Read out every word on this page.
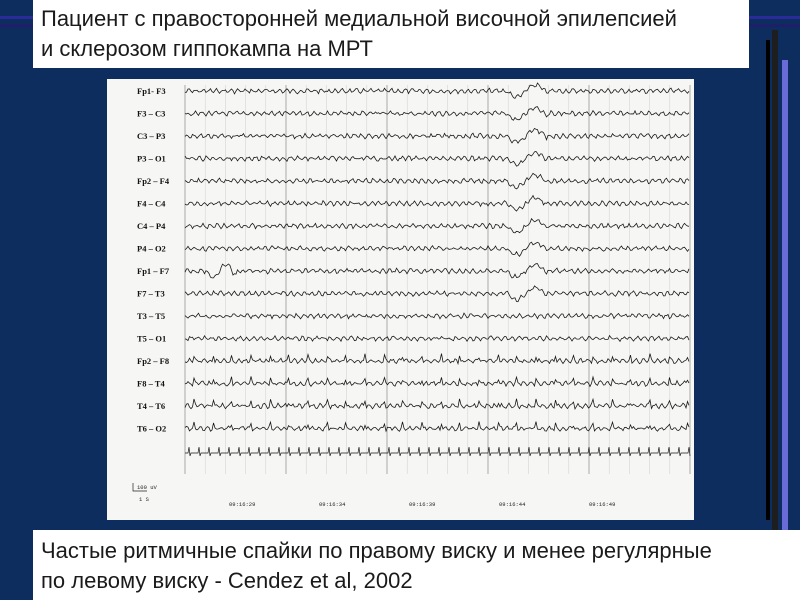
Пациент с правосторонней медиальной височной эпилепсией
и склерозом гиппокампа на МРТ
Fp1- F3
F3 – C3
C3 – P3
P3 – O1
Fp2 – F4
F4 – C4
C4 – P4
P4 – O2
Fp1 – F7
F7 – T3
T3 – T5
T5 – O1
Fp2 – F8
F8 – T4
T4 – T6
T6 – O2
09:16:29	09:16:34	09:16:39	09:16:44	09:16:49
100 uV
1 S
Частые ритмичные спайки по правому виску и менее регулярные
по левому виску - Cendez et al, 2002
